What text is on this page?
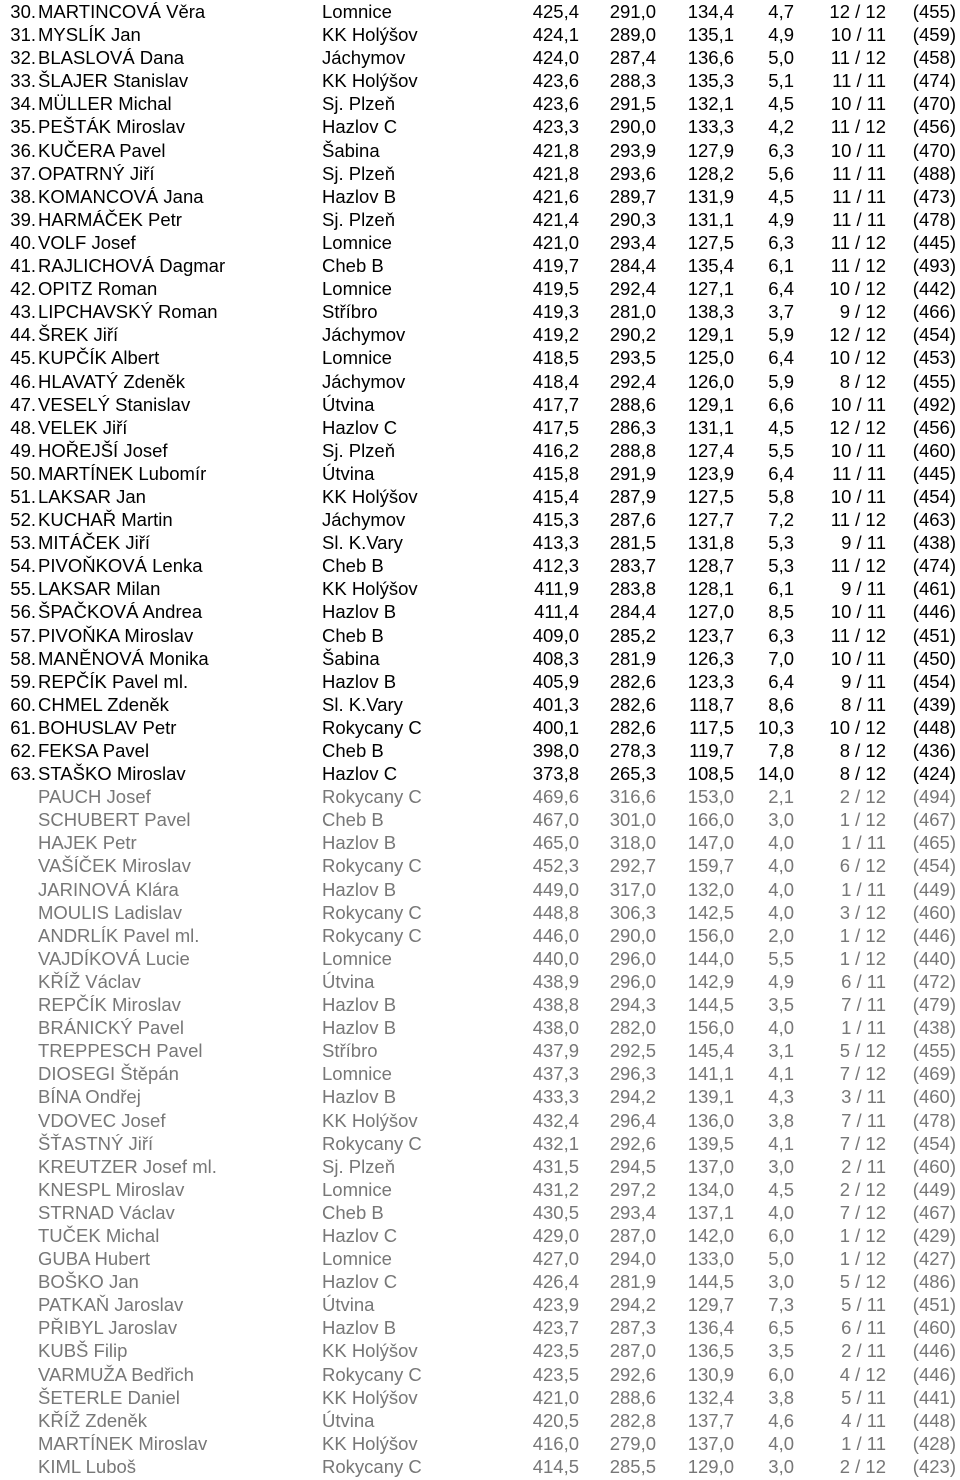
30. MARTINCOVÁ Věra	Lomnice	425,4	291,0	134,4	4,7	12 / 12	(455)
31. MYSLÍK Jan	KK Holýšov	424,1	289,0	135,1	4,9	10 / 11	(459)
32. BLASLOVÁ Dana	Jáchymov	424,0	287,4	136,6	5,0	11 / 12	(458)
33. ŠLAJER Stanislav	KK Holýšov	423,6	288,3	135,3	5,1	11 / 11	(474)
34. MÜLLER Michal	Sj. Plzeň	423,6	291,5	132,1	4,5	10 / 11	(470)
35. PEŠTÁK Miroslav	Hazlov C	423,3	290,0	133,3	4,2	11 / 12	(456)
36. KUČERA Pavel	Šabina	421,8	293,9	127,9	6,3	10 / 11	(470)
37. OPATRNÝ Jiří	Sj. Plzeň	421,8	293,6	128,2	5,6	11 / 11	(488)
38. KOMANCOVÁ Jana	Hazlov B	421,6	289,7	131,9	4,5	11 / 11	(473)
39. HARMÁČEK Petr	Sj. Plzeň	421,4	290,3	131,1	4,9	11 / 11	(478)
40. VOLF Josef	Lomnice	421,0	293,4	127,5	6,3	11 / 12	(445)
41. RAJLICHOVÁ Dagmar	Cheb B	419,7	284,4	135,4	6,1	11 / 12	(493)
42. OPITZ Roman	Lomnice	419,5	292,4	127,1	6,4	10 / 12	(442)
43. LIPCHAVSKÝ Roman	Stříbro	419,3	281,0	138,3	3,7	9 / 12	(466)
44. ŠREK Jiří	Jáchymov	419,2	290,2	129,1	5,9	12 / 12	(454)
45. KUPČÍK Albert	Lomnice	418,5	293,5	125,0	6,4	10 / 12	(453)
46. HLAVATÝ Zdeněk	Jáchymov	418,4	292,4	126,0	5,9	8 / 12	(455)
47. VESELÝ Stanislav	Útvina	417,7	288,6	129,1	6,6	10 / 11	(492)
48. VELEK Jiří	Hazlov C	417,5	286,3	131,1	4,5	12 / 12	(456)
49. HOŘEJŠÍ Josef	Sj. Plzeň	416,2	288,8	127,4	5,5	10 / 11	(460)
50. MARTÍNEK Lubomír	Útvina	415,8	291,9	123,9	6,4	11 / 11	(445)
51. LAKSAR Jan	KK Holýšov	415,4	287,9	127,5	5,8	10 / 11	(454)
52. KUCHAŘ Martin	Jáchymov	415,3	287,6	127,7	7,2	11 / 12	(463)
53. MITÁČEK Jiří	Sl. K.Vary	413,3	281,5	131,8	5,3	9 / 11	(438)
54. PIVOŇKOVÁ Lenka	Cheb B	412,3	283,7	128,7	5,3	11 / 12	(474)
55. LAKSAR Milan	KK Holýšov	411,9	283,8	128,1	6,1	9 / 11	(461)
56. ŠPAČKOVÁ Andrea	Hazlov B	411,4	284,4	127,0	8,5	10 / 11	(446)
57. PIVOŇKA Miroslav	Cheb B	409,0	285,2	123,7	6,3	11 / 12	(451)
58. MANĚNOVÁ Monika	Šabina	408,3	281,9	126,3	7,0	10 / 11	(450)
59. REPČÍK Pavel ml.	Hazlov B	405,9	282,6	123,3	6,4	9 / 11	(454)
60. CHMEL Zdeněk	Sl. K.Vary	401,3	282,6	118,7	8,6	8 / 11	(439)
61. BOHUSLAV Petr	Rokycany C	400,1	282,6	117,5	10,3	10 / 12	(448)
62. FEKSA Pavel	Cheb B	398,0	278,3	119,7	7,8	8 / 12	(436)
63. STAŠKO Miroslav	Hazlov C	373,8	265,3	108,5	14,0	8 / 12	(424)
PAUCH Josef	Rokycany C	469,6	316,6	153,0	2,1	2 / 12	(494)
SCHUBERT Pavel	Cheb B	467,0	301,0	166,0	3,0	1 / 12	(467)
HAJEK Petr	Hazlov B	465,0	318,0	147,0	4,0	1 / 11	(465)
VAŠÍČEK Miroslav	Rokycany C	452,3	292,7	159,7	4,0	6 / 12	(454)
JARINOVÁ Klára	Hazlov B	449,0	317,0	132,0	4,0	1 / 11	(449)
MOULIS Ladislav	Rokycany C	448,8	306,3	142,5	4,0	3 / 12	(460)
ANDRLÍK Pavel ml.	Rokycany C	446,0	290,0	156,0	2,0	1 / 12	(446)
VAJDÍKOVÁ Lucie	Lomnice	440,0	296,0	144,0	5,5	1 / 12	(440)
KŘÍŽ Václav	Útvina	438,9	296,0	142,9	4,9	6 / 11	(472)
REPČÍK Miroslav	Hazlov B	438,8	294,3	144,5	3,5	7 / 11	(479)
BRÁNICKÝ Pavel	Hazlov B	438,0	282,0	156,0	4,0	1 / 11	(438)
TREPPESCH Pavel	Stříbro	437,9	292,5	145,4	3,1	5 / 12	(455)
DIOSEGI Štěpán	Lomnice	437,3	296,3	141,1	4,1	7 / 12	(469)
BÍNA Ondřej	Hazlov B	433,3	294,2	139,1	4,3	3 / 11	(460)
VDOVEC Josef	KK Holýšov	432,4	296,4	136,0	3,8	7 / 11	(478)
ŠŤASTNÝ Jiří	Rokycany C	432,1	292,6	139,5	4,1	7 / 12	(454)
KREUTZER Josef ml.	Sj. Plzeň	431,5	294,5	137,0	3,0	2 / 11	(460)
KNESPL Miroslav	Lomnice	431,2	297,2	134,0	4,5	2 / 12	(449)
STRNAD Václav	Cheb B	430,5	293,4	137,1	4,0	7 / 12	(467)
TUČEK Michal	Hazlov C	429,0	287,0	142,0	6,0	1 / 12	(429)
GUBA Hubert	Lomnice	427,0	294,0	133,0	5,0	1 / 12	(427)
BOŠKO Jan	Hazlov C	426,4	281,9	144,5	3,0	5 / 12	(486)
PATKAŇ Jaroslav	Útvina	423,9	294,2	129,7	7,3	5 / 11	(451)
PŘIBYL Jaroslav	Hazlov B	423,7	287,3	136,4	6,5	6 / 11	(460)
KUBŠ Filip	KK Holýšov	423,5	287,0	136,5	3,5	2 / 11	(446)
VARMUŽA Bedřich	Rokycany C	423,5	292,6	130,9	6,0	4 / 12	(446)
ŠETERLE Daniel	KK Holýšov	421,0	288,6	132,4	3,8	5 / 11	(441)
KŘÍŽ Zdeněk	Útvina	420,5	282,8	137,7	4,6	4 / 11	(448)
MARTÍNEK Miroslav	KK Holýšov	416,0	279,0	137,0	4,0	1 / 11	(428)
KIML Luboš	Rokycany C	414,5	285,5	129,0	3,0	2 / 12	(423)
